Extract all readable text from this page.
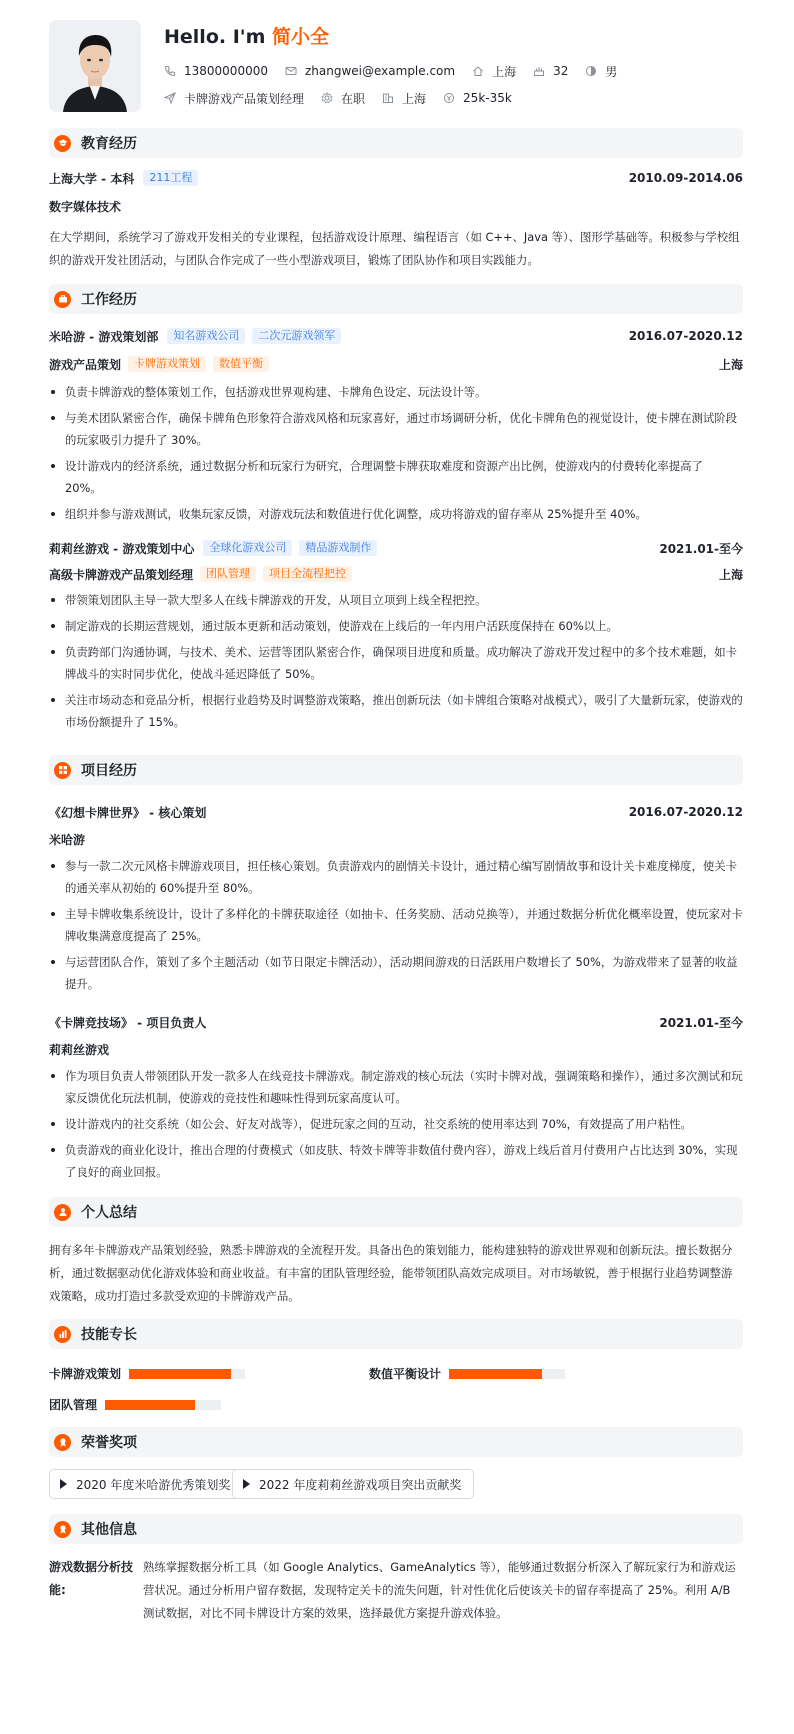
Hello. I'm 简小全
13800000000	zhangwei@example.com	上海	32	男
卡牌游戏产品策划经理	在职	上海	25k-35k
教育经历
上海大学 - 本科	211工程	2010.09-2014.06
数字媒体技术
在大学期间，系统学习了游戏开发相关的专业课程，包括游戏设计原理、编程语言（如 C++、Java 等）、图形学基础等。积极参与学校组织的游戏开发社团活动，与团队合作完成了一些小型游戏项目，锻炼了团队协作和项目实践能力。
工作经历
米哈游 - 游戏策划部	知名游戏公司	二次元游戏领军	2016.07-2020.12
游戏产品策划	卡牌游戏策划	数值平衡	上海
负责卡牌游戏的整体策划工作，包括游戏世界观构建、卡牌角色设定、玩法设计等。
与美术团队紧密合作，确保卡牌角色形象符合游戏风格和玩家喜好，通过市场调研分析，优化卡牌角色的视觉设计，使卡牌在测试阶段的玩家吸引力提升了 30%。
设计游戏内的经济系统，通过数据分析和玩家行为研究，合理调整卡牌获取难度和资源产出比例，使游戏内的付费转化率提高了 20%。
组织并参与游戏测试，收集玩家反馈，对游戏玩法和数值进行优化调整，成功将游戏的留存率从 25%提升至 40%。
莉莉丝游戏 - 游戏策划中心	全球化游戏公司	精品游戏制作	2021.01-至今
高级卡牌游戏产品策划经理	团队管理	项目全流程把控	上海
带领策划团队主导一款大型多人在线卡牌游戏的开发，从项目立项到上线全程把控。
制定游戏的长期运营规划，通过版本更新和活动策划，使游戏在上线后的一年内用户活跃度保持在 60%以上。
负责跨部门沟通协调，与技术、美术、运营等团队紧密合作，确保项目进度和质量。成功解决了游戏开发过程中的多个技术难题，如卡牌战斗的实时同步优化，使战斗延迟降低了 50%。
关注市场动态和竞品分析，根据行业趋势及时调整游戏策略，推出创新玩法（如卡牌组合策略对战模式），吸引了大量新玩家，使游戏的市场份额提升了 15%。
项目经历
《幻想卡牌世界》 - 核心策划	2016.07-2020.12
米哈游
参与一款二次元风格卡牌游戏项目，担任核心策划。负责游戏内的剧情关卡设计，通过精心编写剧情故事和设计关卡难度梯度，使关卡的通关率从初始的 60%提升至 80%。
主导卡牌收集系统设计，设计了多样化的卡牌获取途径（如抽卡、任务奖励、活动兑换等），并通过数据分析优化概率设置，使玩家对卡牌收集满意度提高了 25%。
与运营团队合作，策划了多个主题活动（如节日限定卡牌活动），活动期间游戏的日活跃用户数增长了 50%，为游戏带来了显著的收益提升。
《卡牌竞技场》 - 项目负责人	2021.01-至今
莉莉丝游戏
作为项目负责人带领团队开发一款多人在线竞技卡牌游戏。制定游戏的核心玩法（实时卡牌对战，强调策略和操作），通过多次测试和玩家反馈优化玩法机制，使游戏的竞技性和趣味性得到玩家高度认可。
设计游戏内的社交系统（如公会、好友对战等），促进玩家之间的互动，社交系统的使用率达到 70%，有效提高了用户粘性。
负责游戏的商业化设计，推出合理的付费模式（如皮肤、特效卡牌等非数值付费内容），游戏上线后首月付费用户占比达到 30%，实现了良好的商业回报。
个人总结
拥有多年卡牌游戏产品策划经验，熟悉卡牌游戏的全流程开发。具备出色的策划能力，能构建独特的游戏世界观和创新玩法。擅长数据分析，通过数据驱动优化游戏体验和商业收益。有丰富的团队管理经验，能带领团队高效完成项目。对市场敏锐，善于根据行业趋势调整游戏策略，成功打造过多款受欢迎的卡牌游戏产品。
技能专长
卡牌游戏策划	数值平衡设计
团队管理
荣誉奖项
2020 年度米哈游优秀策划奖 2022 年度莉莉丝游戏项目突出贡献奖
其他信息
游戏数据分析技能:
熟练掌握数据分析工具（如 Google Analytics、GameAnalytics 等），能够通过数据分析深入了解玩家行为和游戏运营状况。通过分析用户留存数据，发现特定关卡的流失问题，针对性优化后使该关卡的留存率提高了 25%。利用 A/B 测试数据，对比不同卡牌设计方案的效果，选择最优方案提升游戏体验。
